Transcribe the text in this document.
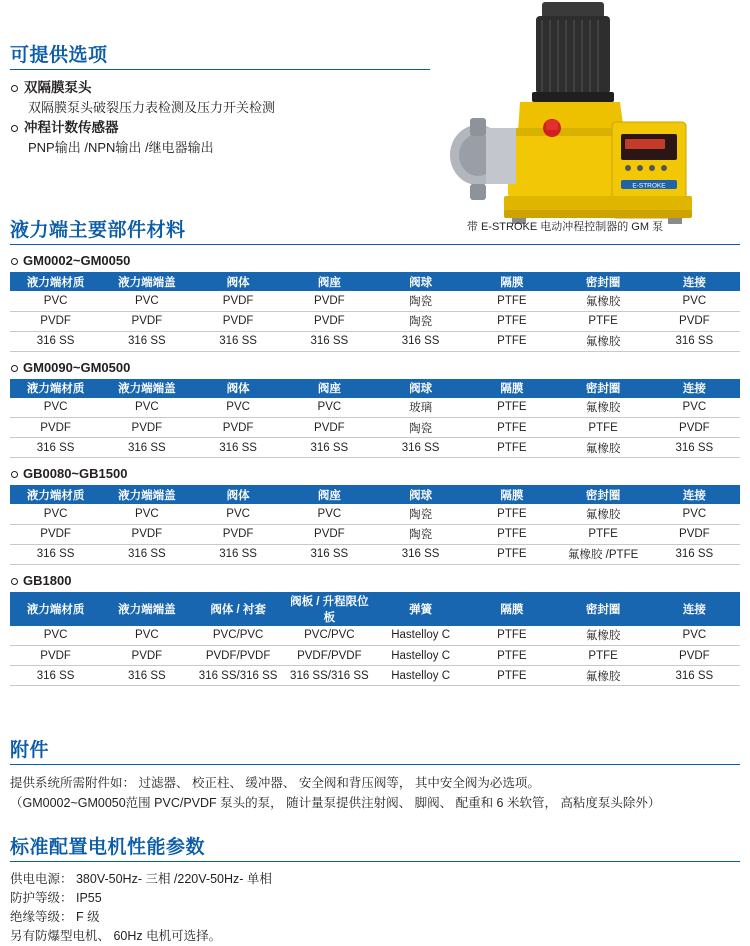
可提供选项

双隔膜泵头

双隔膜泵头破裂压力表检测及压力开关检测

冲程计数传感器

PNP输出 /NPN输出 /继电器输出

E-STROKE
带 E-STROKE 电动冲程控制器的 GM 泵
液力端主要部件材料
GM0002~GM0050
液力端材质	液力端端盖	阀体	阀座	阀球	隔膜	密封圈	连接
PVC	PVC	PVDF	PVDF	陶瓷	PTFE	氟橡胶	PVC
PVDF	PVDF	PVDF	PVDF	陶瓷	PTFE	PTFE	PVDF
316 SS	316 SS	316 SS	316 SS	316 SS	PTFE	氟橡胶	316 SS
GM0090~GM0500
液力端材质	液力端端盖	阀体	阀座	阀球	隔膜	密封圈	连接
PVC	PVC	PVC	PVC	玻璃	PTFE	氟橡胶	PVC
PVDF	PVDF	PVDF	PVDF	陶瓷	PTFE	PTFE	PVDF
316 SS	316 SS	316 SS	316 SS	316 SS	PTFE	氟橡胶	316 SS
GB0080~GB1500
液力端材质	液力端端盖	阀体	阀座	阀球	隔膜	密封圈	连接
PVC	PVC	PVC	PVC	陶瓷	PTFE	氟橡胶	PVC
PVDF	PVDF	PVDF	PVDF	陶瓷	PTFE	PTFE	PVDF
316 SS	316 SS	316 SS	316 SS	316 SS	PTFE	氟橡胶 /PTFE	316 SS
GB1800
液力端材质	液力端端盖	阀体 / 衬套	阀板 / 升程限位板	弹簧	隔膜	密封圈	连接
PVC	PVC	PVC/PVC	PVC/PVC	Hastelloy C	PTFE	氟橡胶	PVC
PVDF	PVDF	PVDF/PVDF	PVDF/PVDF	Hastelloy C	PTFE	PTFE	PVDF
316 SS	316 SS	316 SS/316 SS	316 SS/316 SS	Hastelloy C	PTFE	氟橡胶	316 SS
附件

提供系统所需附件如： 过滤器、 校正柱、 缓冲器、 安全阀和背压阀等， 其中安全阀为必选项。

（GM0002~GM0050范围 PVC/PVDF 泵头的泵， 随计量泵提供注射阀、 脚阀、 配重和 6 米软管， 高粘度泵头除外）

标准配置电机性能参数

供电电源： 380V-50Hz- 三相 /220V-50Hz- 单相

防护等级： IP55

绝缘等级： F 级

另有防爆型电机、 60Hz 电机可选择。
